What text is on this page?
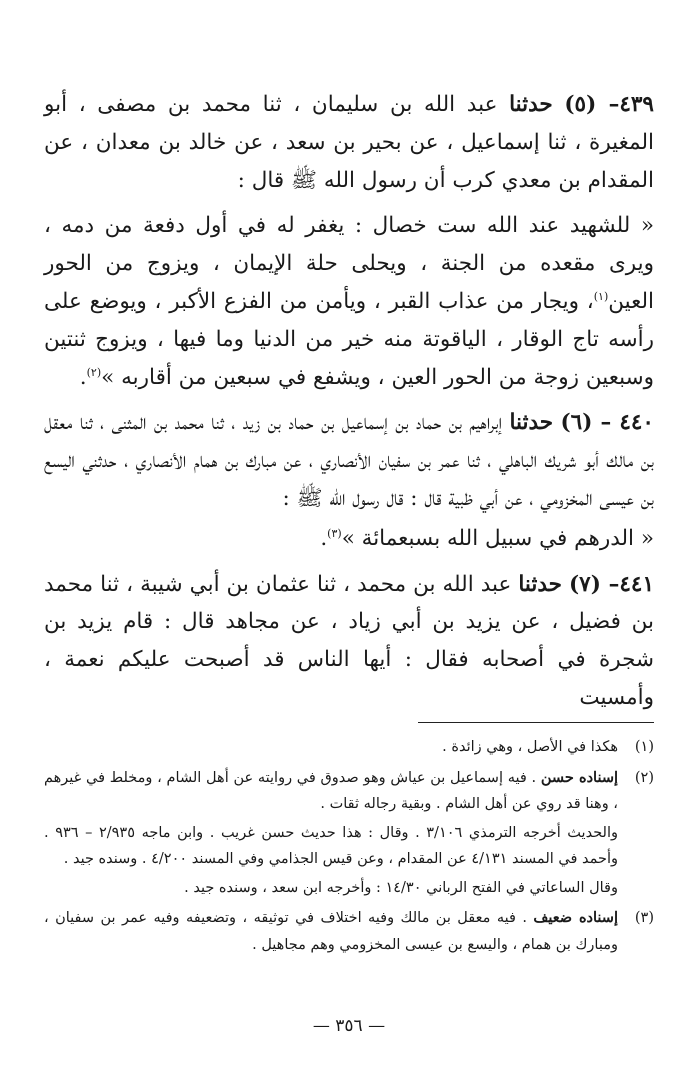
٤٣٩– (٥) حدثنا عبد الله بن سليمان ، ثنا محمد بن مصفى ، أبو المغيرة ، ثنا إسماعيل ، عن بحير بن سعد ، عن خالد بن معدان ، عن المقدام بن معدي كرب أن رسول الله ﷺ قال :

« للشهيد عند الله ست خصال : يغفر له في أول دفعة من دمه ، ويرى مقعده من الجنة ، ويحلى حلة الإيمان ، ويزوج من الحور العين$^{(١)}$، ويجار من عذاب القبر ، ويأمن من الفزع الأكبر ، ويوضع على رأسه تاج الوقار ، الياقوتة منه خير من الدنيا وما فيها ، ويزوج ثنتين وسبعين زوجة من الحور العين ، ويشفع في سبعين من أقاربه »$^{(٢)}$.

٤٤٠ – (٦) حدثنا إبراهيم بن حماد بن إسماعيل بن حماد بن زيد ، ثنا محمد بن المثنى ، ثنا معقل بن مالك أبو شريك الباهلي ، ثنا عمر بن سفيان الأنصاري ، عن مبارك بن همام الأنصاري ، حدثني اليسع بن عيسى المخزومي ، عن أبي ظبية قال : قال رسول الله ﷺ :

« الدرهم في سبيل الله بسبعمائة »$^{(٣)}$.

٤٤١– (٧) حدثنا عبد الله بن محمد ، ثنا عثمان بن أبي شيبة ، ثنا محمد بن فضيل ، عن يزيد بن أبي زياد ، عن مجاهد قال : قام يزيد بن شجرة في أصحابه فقال : أيها الناس قد أصبحت عليكم نعمة ، وأمسيت

(١)

هكذا في الأصل ، وهي زائدة .

(٢)

إسناده حسن . فيه إسماعيل بن عياش وهو صدوق في روايته عن أهل الشام ، ومخلط في غيرهم ، وهنا قد روي عن أهل الشام . وبقية رجاله ثقات .

والحديث أخرجه الترمذي ٣/١٠٦ . وقال : هذا حديث حسن غريب . وابن ماجه ٢/٩٣٥ – ٩٣٦ . وأحمد في المسند ٤/١٣١ عن المقدام ، وعن قيس الجذامي وفي المسند ٤/٢٠٠ . وسنده جيد .

وقال الساعاتي في الفتح الرباني ١٤/٣٠ : وأخرجه ابن سعد ، وسنده جيد .

(٣)

إسناده ضعيف . فيه معقل بن مالك وفيه اختلاف في توثيقه ، وتضعيفه وفيه عمر بن سفيان ، ومبارك بن همام ، واليسع بن عيسى المخزومي وهم مجاهيل .

— ٣٥٦ —
